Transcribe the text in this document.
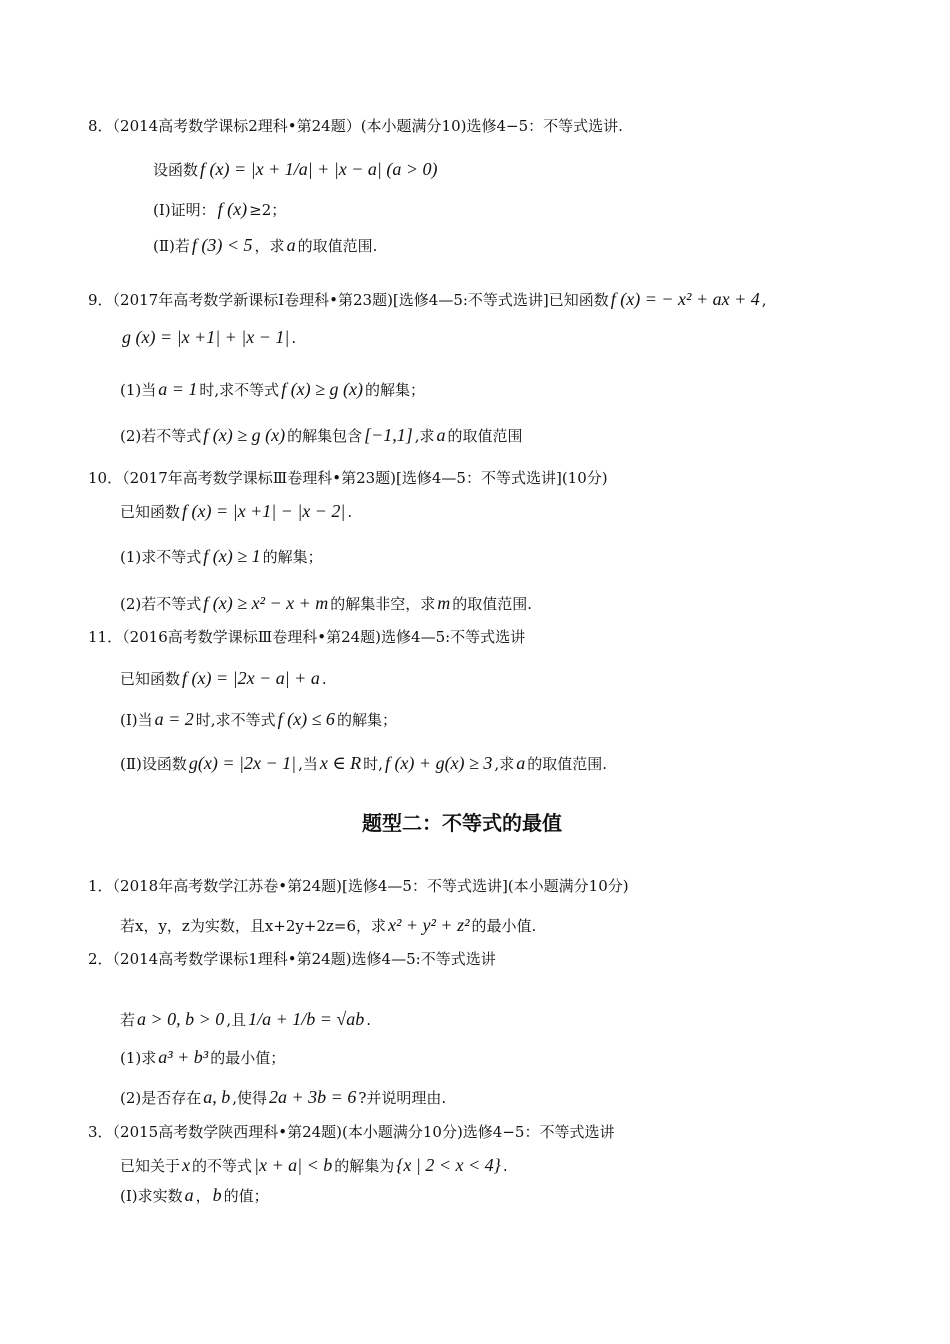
8．（2014高考数学课标2理科•第24题）(本小题满分10)选修4−5：不等式选讲.
设函数 f (x) = |x + 1/a| + |x − a| (a > 0)
(Ⅰ)证明： f (x) ≥2；
(Ⅱ)若 f (3) < 5 ，求 a 的取值范围.
9．（2017年高考数学新课标Ⅰ卷理科•第23题)[选修4—5:不等式选讲]已知函数 f (x) = − x² + ax + 4 ,
g (x) = |x +1| + |x − 1| .
(1)当 a = 1 时,求不等式 f (x) ≥ g (x) 的解集；
(2)若不等式 f (x) ≥ g (x) 的解集包含 [−1,1] ,求 a 的取值范围
10．（2017年高考数学课标Ⅲ卷理科•第23题)[选修4—5：不等式选讲](10分)
已知函数 f (x) = |x +1| − |x − 2| .
(1)求不等式 f (x) ≥ 1 的解集；
(2)若不等式 f (x) ≥ x² − x + m 的解集非空，求 m 的取值范围.
11．（2016高考数学课标Ⅲ卷理科•第24题)选修4—5:不等式选讲
已知函数 f (x) = |2x − a| + a .
(Ⅰ)当 a = 2 时,求不等式 f (x) ≤ 6 的解集；
(Ⅱ)设函数 g(x) = |2x − 1| ,当 x ∈ R 时, f (x) + g(x) ≥ 3 ,求 a 的取值范围.
题型二：不等式的最值
1．（2018年高考数学江苏卷•第24题)[选修4—5：不等式选讲](本小题满分10分)
若x，y，z为实数，且x+2y+2z=6，求 x² + y² + z² 的最小值.
2．（2014高考数学课标1理科•第24题)选修4—5:不等式选讲
若 a > 0, b > 0 ,且 1/a + 1/b = √ab .
(1)求 a³ + b³ 的最小值；
(2)是否存在 a, b ,使得 2a + 3b = 6 ?并说明理由.
3．（2015高考数学陕西理科•第24题)(本小题满分10分)选修4−5：不等式选讲
已知关于 x 的不等式 |x + a| < b 的解集为 {x | 2 < x < 4} .
(Ⅰ)求实数 a ， b 的值；
